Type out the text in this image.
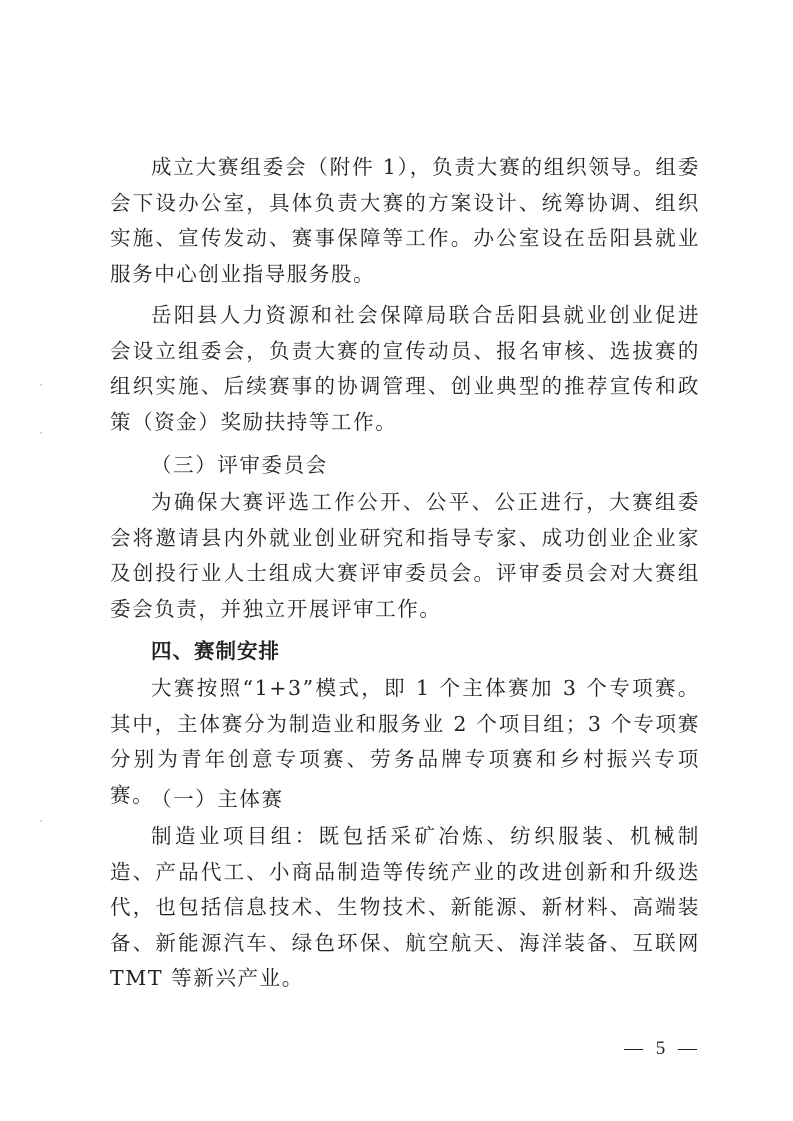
成立大赛组委会（附件 1），负责大赛的组织领导。组委会下设办公室，具体负责大赛的方案设计、统筹协调、组织实施、宣传发动、赛事保障等工作。办公室设在岳阳县就业服务中心创业指导服务股。

岳阳县人力资源和社会保障局联合岳阳县就业创业促进会设立组委会，负责大赛的宣传动员、报名审核、选拔赛的组织实施、后续赛事的协调管理、创业典型的推荐宣传和政策（资金）奖励扶持等工作。

（三）评审委员会

为确保大赛评选工作公开、公平、公正进行，大赛组委会将邀请县内外就业创业研究和指导专家、成功创业企业家及创投行业人士组成大赛评审委员会。评审委员会对大赛组委会负责，并独立开展评审工作。

四、赛制安排

大赛按照“1+3”模式，即 1 个主体赛加 3 个专项赛。其中，主体赛分为制造业和服务业 2 个项目组；3 个专项赛分别为青年创意专项赛、劳务品牌专项赛和乡村振兴专项赛。

（一）主体赛

制造业项目组：既包括采矿冶炼、纺织服装、机械制造、产品代工、小商品制造等传统产业的改进创新和升级迭代，也包括信息技术、生物技术、新能源、新材料、高端装备、新能源汽车、绿色环保、航空航天、海洋装备、互联网 TMT 等新兴产业。

— 5 —
